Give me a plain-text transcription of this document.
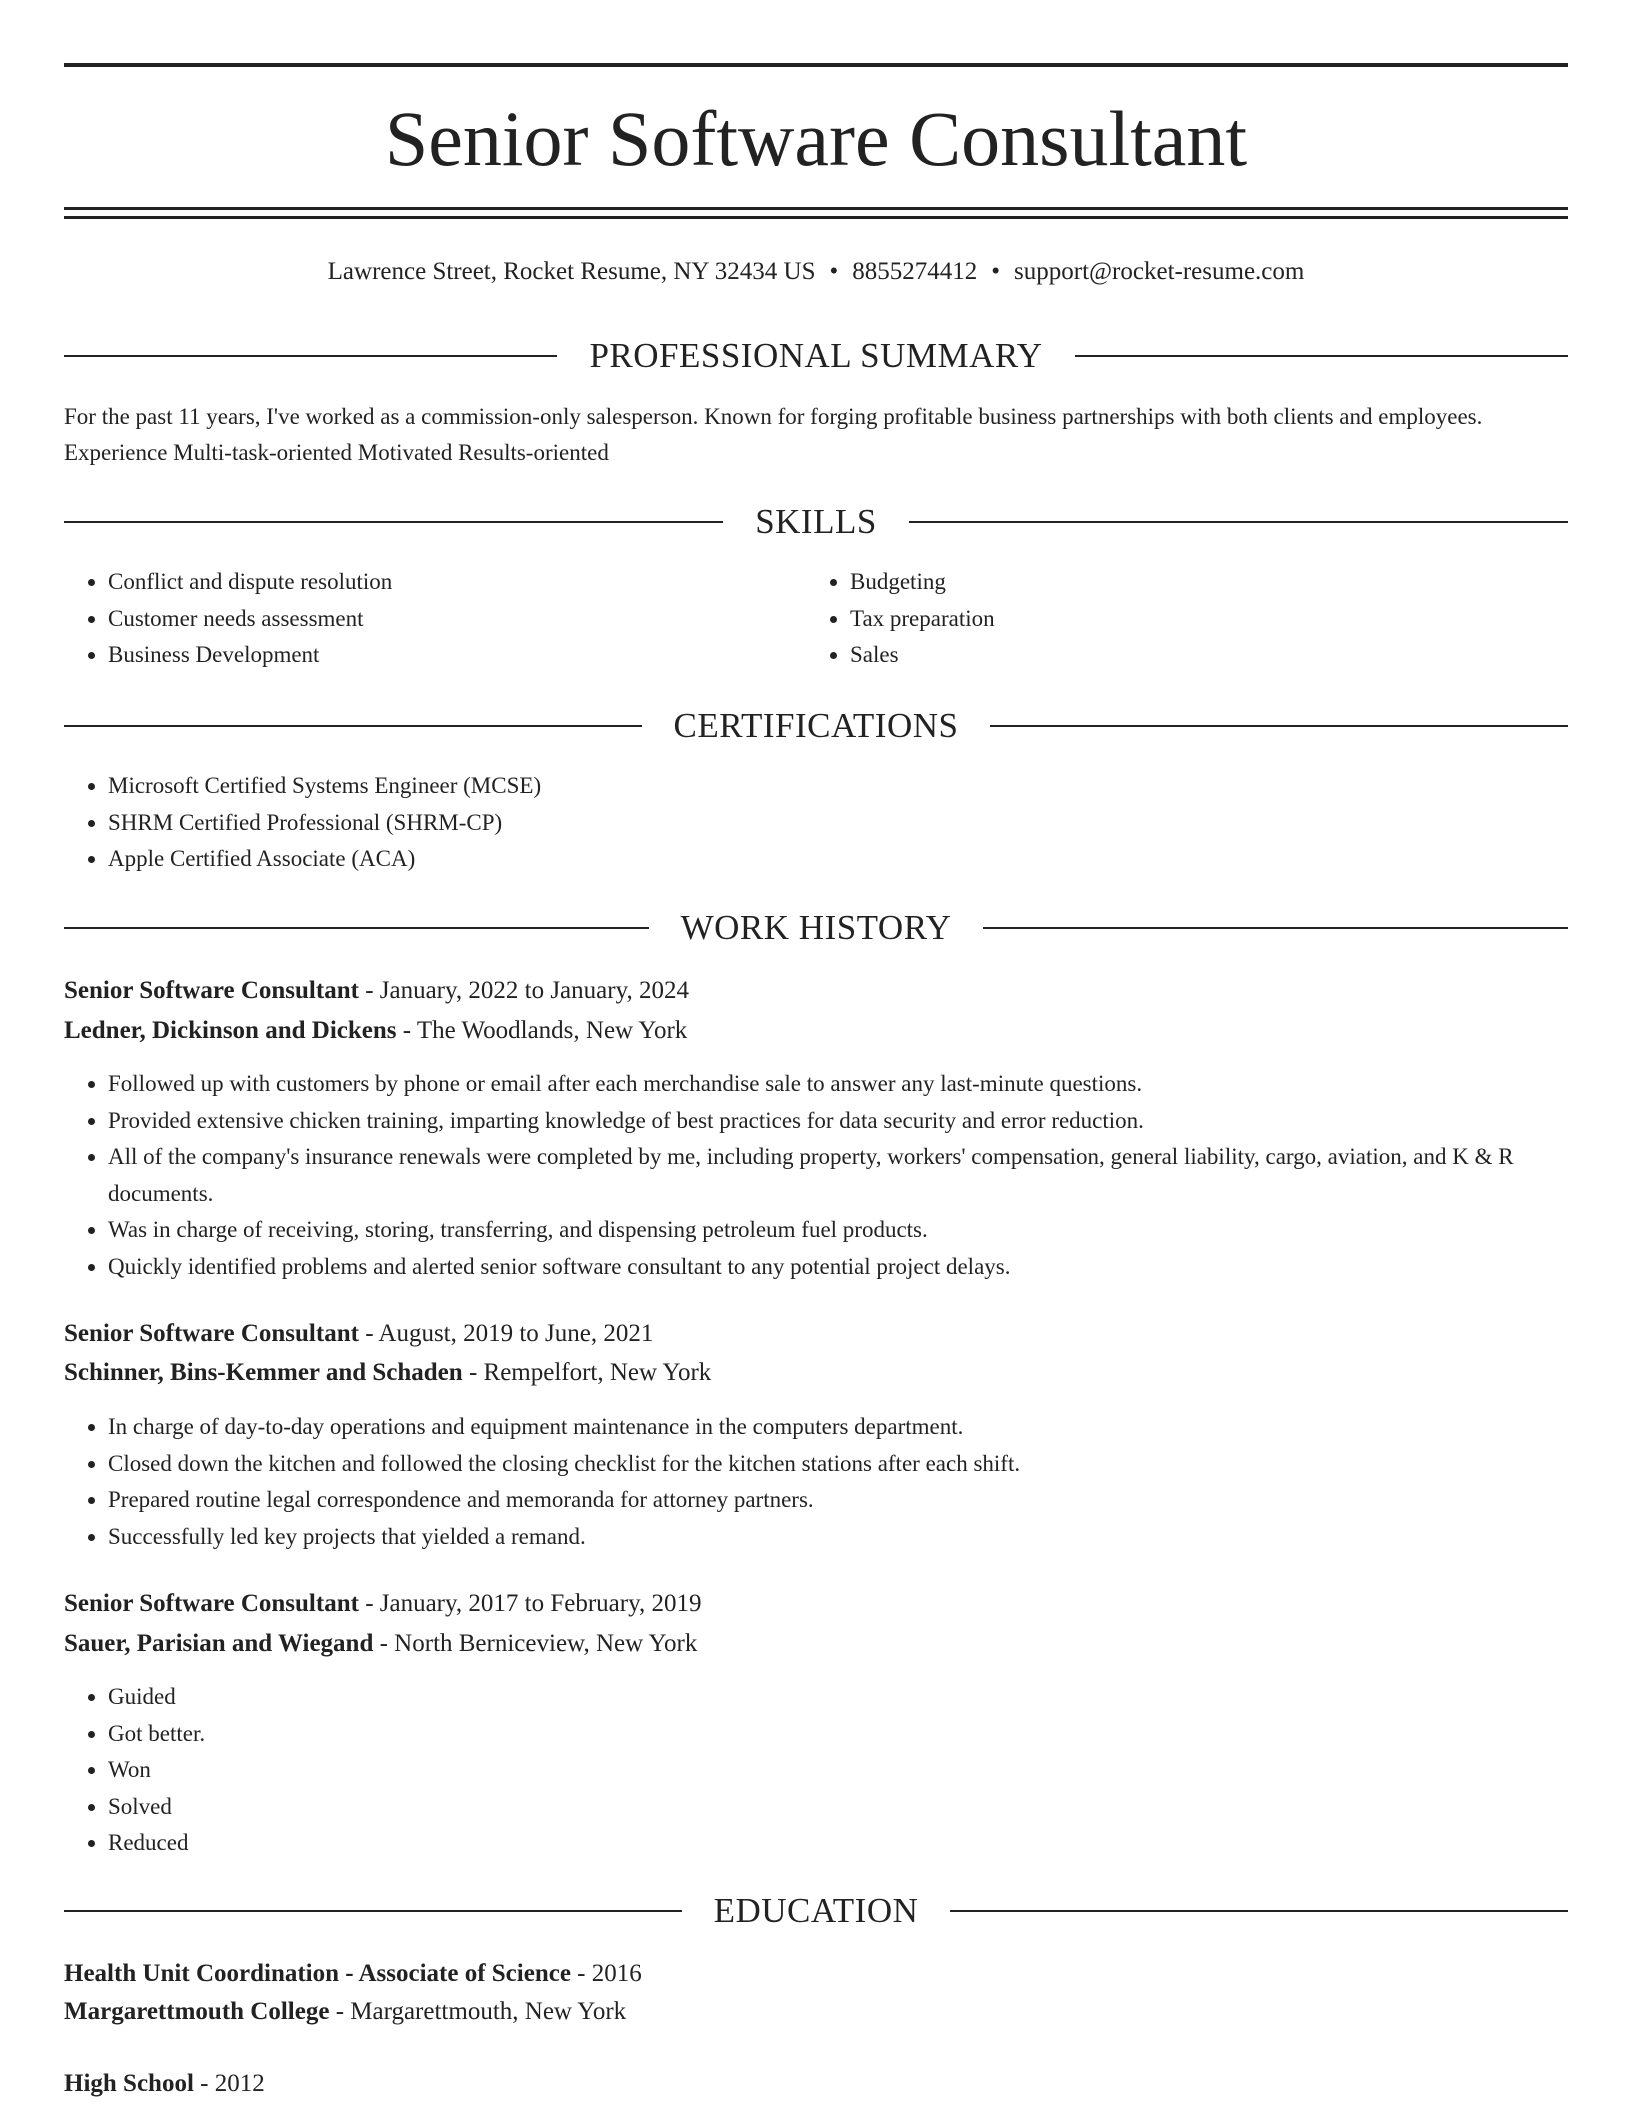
Senior Software Consultant
Lawrence Street, Rocket Resume, NY 32434 US • 8855274412 • support@rocket-resume.com
PROFESSIONAL SUMMARY
For the past 11 years, I've worked as a commission-only salesperson. Known for forging profitable business partnerships with both clients and employees. Experience Multi-task-oriented Motivated Results-oriented
SKILLS
• Conflict and dispute resolution
• Customer needs assessment
• Business Development
• Budgeting
• Tax preparation
• Sales
CERTIFICATIONS
• Microsoft Certified Systems Engineer (MCSE)
• SHRM Certified Professional (SHRM-CP)
• Apple Certified Associate (ACA)
WORK HISTORY
Senior Software Consultant - January, 2022 to January, 2024
Ledner, Dickinson and Dickens - The Woodlands, New York
• Followed up with customers by phone or email after each merchandise sale to answer any last-minute questions.
• Provided extensive chicken training, imparting knowledge of best practices for data security and error reduction.
• All of the company's insurance renewals were completed by me, including property, workers' compensation, general liability, cargo, aviation, and K & R documents.
• Was in charge of receiving, storing, transferring, and dispensing petroleum fuel products.
• Quickly identified problems and alerted senior software consultant to any potential project delays.
Senior Software Consultant - August, 2019 to June, 2021
Schinner, Bins-Kemmer and Schaden - Rempelfort, New York
• In charge of day-to-day operations and equipment maintenance in the computers department.
• Closed down the kitchen and followed the closing checklist for the kitchen stations after each shift.
• Prepared routine legal correspondence and memoranda for attorney partners.
• Successfully led key projects that yielded a remand.
Senior Software Consultant - January, 2017 to February, 2019
Sauer, Parisian and Wiegand - North Berniceview, New York
• Guided
• Got better.
• Won
• Solved
• Reduced
EDUCATION
Health Unit Coordination - Associate of Science - 2016
Margarettmouth College - Margarettmouth, New York
High School - 2012
